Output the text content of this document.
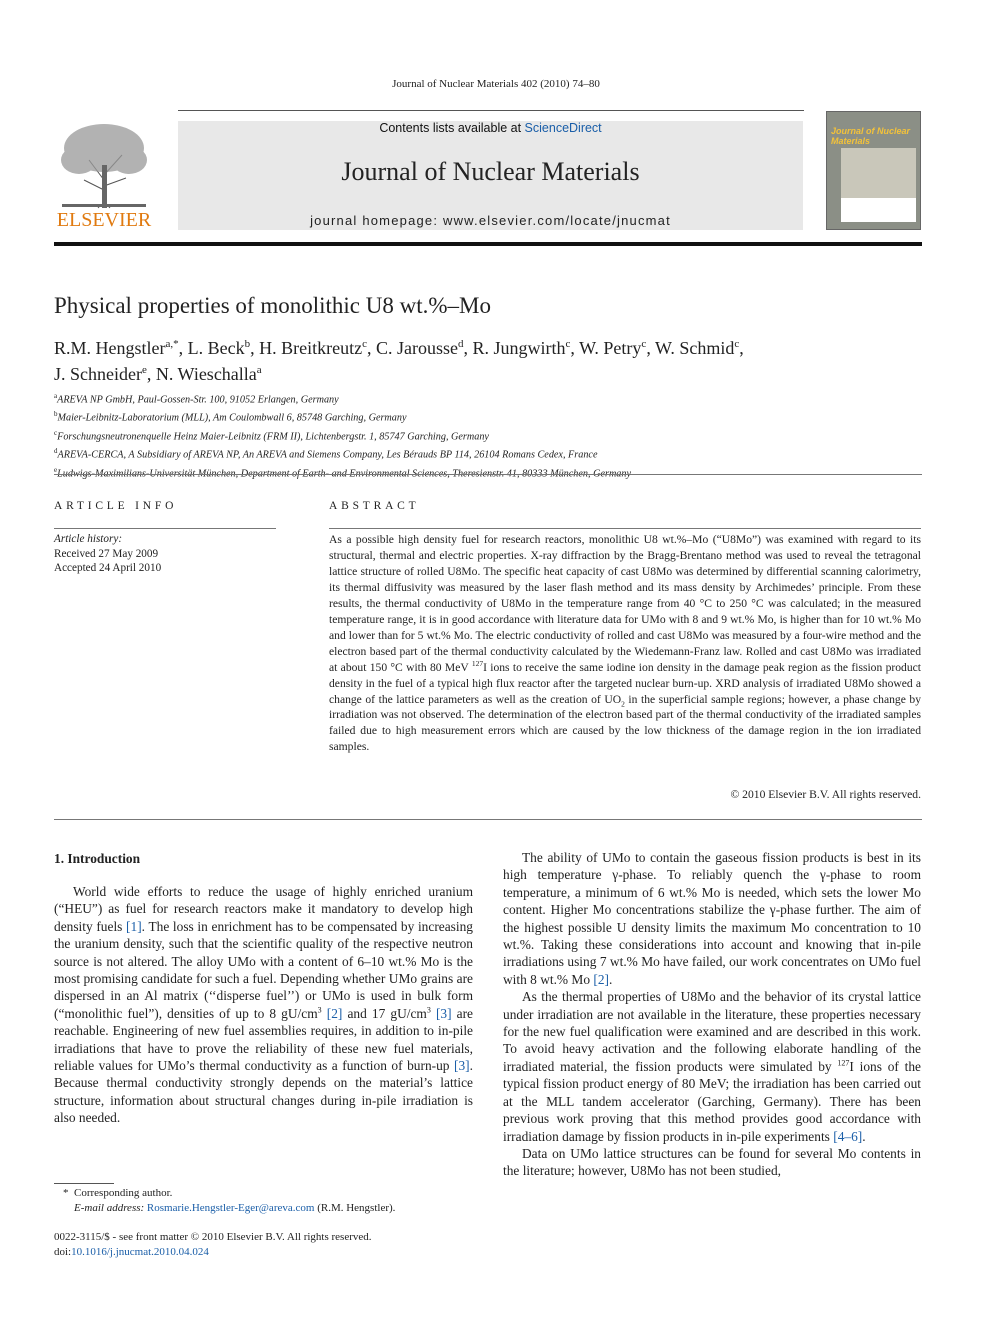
Journal of Nuclear Materials 402 (2010) 74–80
ELSEVIER
Contents lists available at ScienceDirect
Journal of Nuclear Materials
journal homepage: www.elsevier.com/locate/jnucmat
Journal of Nuclear Materials
Physical properties of monolithic U8 wt.%–Mo
R.M. Hengstler$^{a,*}$, L. Beck$^b$, H. Breitkreutz$^c$, C. Jarousse$^d$, R. Jungwirth$^c$, W. Petry$^c$, W. Schmid$^c$,
J. Schneider$^e$, N. Wieschalla$^a$
$^a$AREVA NP GmbH, Paul-Gossen-Str. 100, 91052 Erlangen, Germany
$^b$Maier-Leibnitz-Laboratorium (MLL), Am Coulombwall 6, 85748 Garching, Germany
$^c$Forschungsneutronenquelle Heinz Maier-Leibnitz (FRM II), Lichtenbergstr. 1, 85747 Garching, Germany
$^d$AREVA-CERCA, A Subsidiary of AREVA NP, An AREVA and Siemens Company, Les Bérauds BP 114, 26104 Romans Cedex, France
$^e$Ludwigs-Maximilians-Universität München, Department of Earth- and Environmental Sciences, Theresienstr. 41, 80333 München, Germany
ARTICLE INFO	ABSTRACT
Article history:
Received 27 May 2009
Accepted 24 April 2010
As a possible high density fuel for research reactors, monolithic U8 wt.%–Mo (“U8Mo”) was examined with regard to its structural, thermal and electric properties. X-ray diffraction by the Bragg-Brentano method was used to reveal the tetragonal lattice structure of rolled U8Mo. The specific heat capacity of cast U8Mo was determined by differential scanning calorimetry, its thermal diffusivity was measured by the laser flash method and its mass density by Archimedes’ principle. From these results, the thermal conductivity of U8Mo in the temperature range from 40 °C to 250 °C was calculated; in the measured temperature range, it is in good accordance with literature data for UMo with 8 and 9 wt.% Mo, is higher than for 10 wt.% Mo and lower than for 5 wt.% Mo. The electric conductivity of rolled and cast U8Mo was measured by a four-wire method and the electron based part of the thermal conductivity calculated by the Wiedemann-Franz law. Rolled and cast U8Mo was irradiated at about 150 °C with 80 MeV $^{127}$I ions to receive the same iodine ion density in the damage peak region as the fission product density in the fuel of a typical high flux reactor after the targeted nuclear burn-up. XRD analysis of irradiated U8Mo showed a change of the lattice parameters as well as the creation of $UO_2$ in the superficial sample regions; however, a phase change by irradiation was not observed. The determination of the electron based part of the thermal conductivity of the irradiated samples failed due to high measurement errors which are caused by the low thickness of the damage region in the ion irradiated samples.
© 2010 Elsevier B.V. All rights reserved.
1. Introduction

World wide efforts to reduce the usage of highly enriched uranium (“HEU”) as fuel for research reactors make it mandatory to develop high density fuels [1]. The loss in enrichment has to be compensated by increasing the uranium density, such that the scientific quality of the respective neutron source is not altered. The alloy UMo with a content of 6–10 wt.% Mo is the most promising candidate for such a fuel. Depending whether UMo grains are dispersed in an Al matrix (‘‘disperse fuel’’) or UMo is used in bulk form (“monolithic fuel”), densities of up to 8 $gU/cm^3$ [2] and 17 $gU/cm^3$ [3] are reachable. Engineering of new fuel assemblies requires, in addition to in-pile irradiations that have to prove the reliability of these new fuel materials, reliable values for UMo’s thermal conductivity as a function of burn-up [3]. Because thermal conductivity strongly depends on the material’s lattice structure, information about structural changes during in-pile irradiation is also needed.

The ability of UMo to contain the gaseous fission products is best in its high temperature γ-phase. To reliably quench the γ-phase to room temperature, a minimum of 6 wt.% Mo is needed, which sets the lower Mo content. Higher Mo concentrations stabilize the γ-phase further. The aim of the highest possible U density limits the maximum Mo concentration to 10 wt.%. Taking these considerations into account and knowing that in-pile irradiations using 7 wt.% Mo have failed, our work concentrates on UMo fuel with 8 wt.% Mo [2].

As the thermal properties of U8Mo and the behavior of its crystal lattice under irradiation are not available in the literature, these properties necessary for the new fuel qualification were examined and are described in this work. To avoid heavy activation and the following elaborate handling of the irradiated material, the fission products were simulated by $^{127}$I ions of the typical fission product energy of 80 MeV; the irradiation has been carried out at the MLL tandem accelerator (Garching, Germany). There has been previous work proving that this method provides good accordance with irradiation damage by fission products in in-pile experiments [4–6].

Data on UMo lattice structures can be found for several Mo contents in the literature; however, U8Mo has not been studied,

* Corresponding author.
E-mail address: Rosmarie.Hengstler-Eger@areva.com (R.M. Hengstler).
0022-3115/$ - see front matter © 2010 Elsevier B.V. All rights reserved.
doi:10.1016/j.jnucmat.2010.04.024
